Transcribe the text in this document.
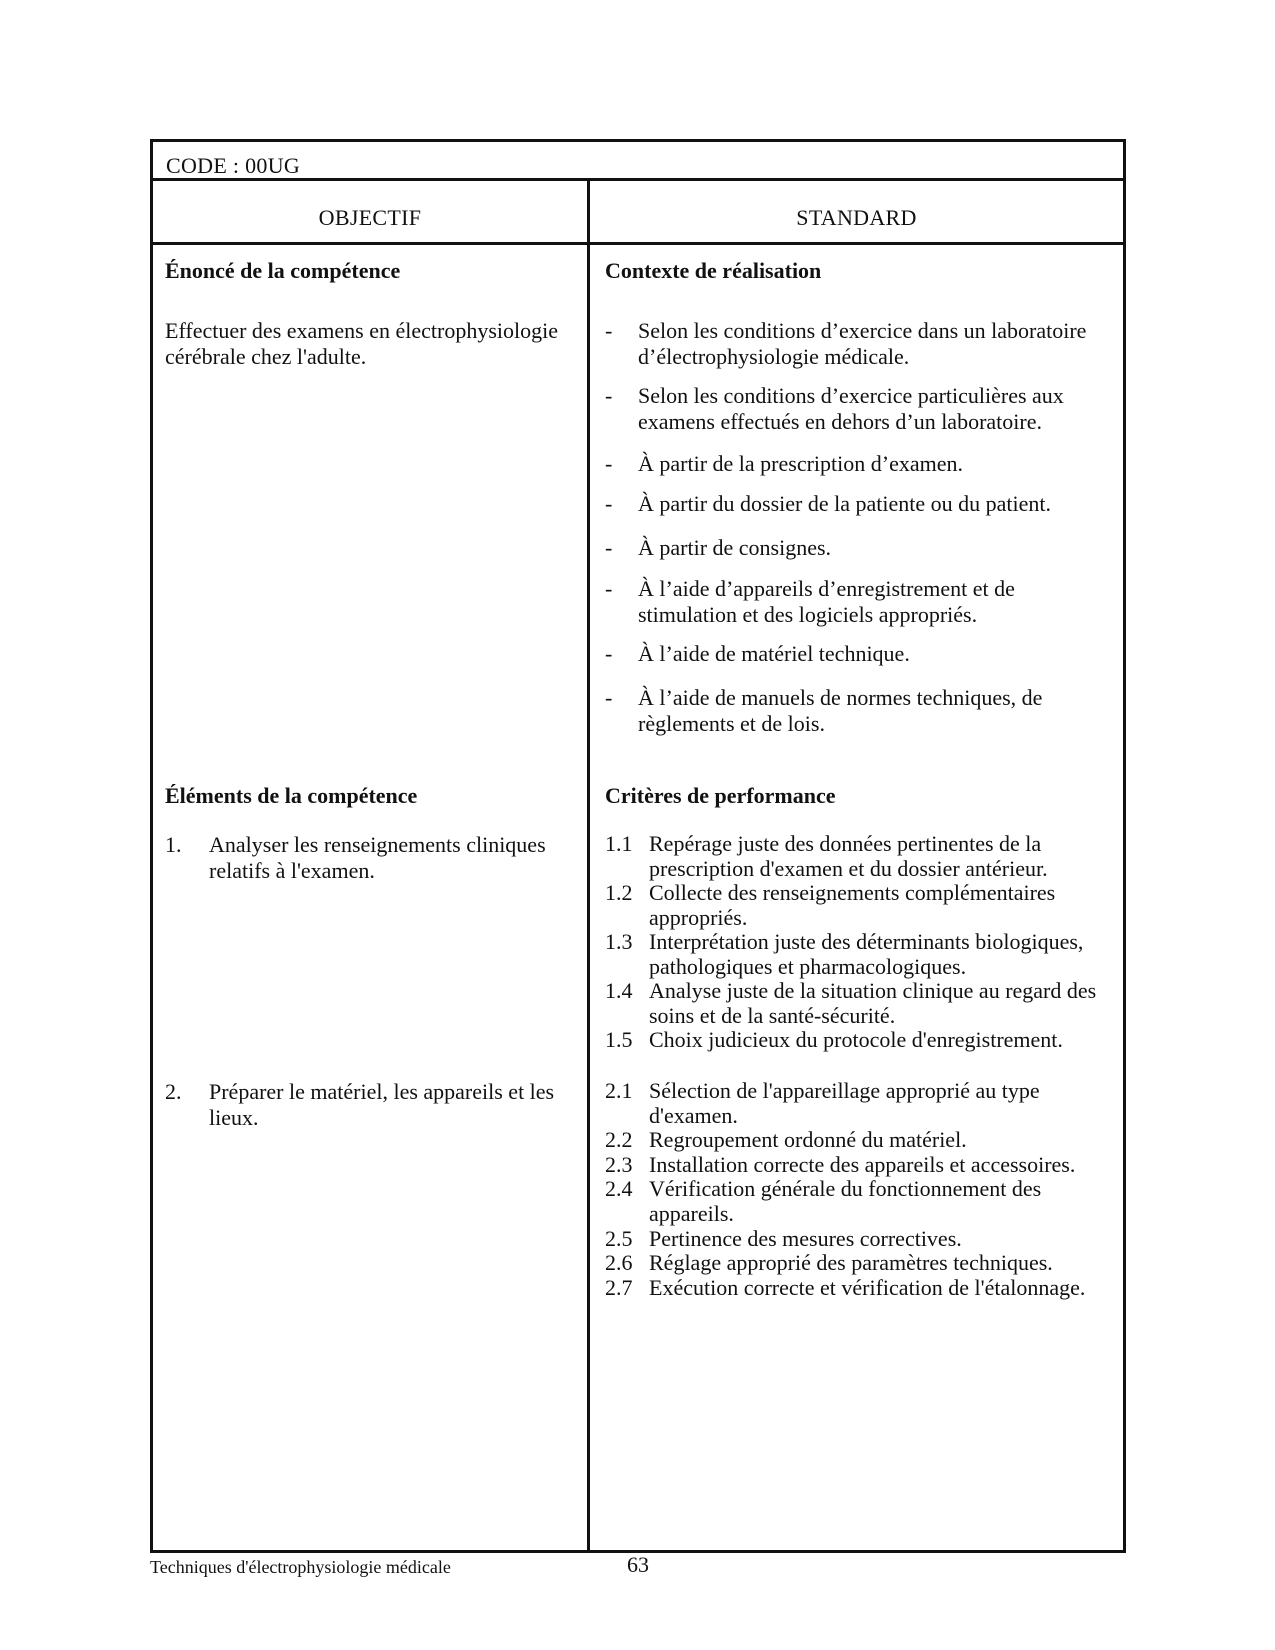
CODE : 00UG
OBJECTIF	STANDARD
Énoncé de la compétence
Effectuer des examens en électrophysiologie cérébrale chez l'adulte.
Contexte de réalisation
- Selon les conditions d’exercice dans un laboratoire d’électrophysiologie médicale.
- Selon les conditions d’exercice particulières aux examens effectués en dehors d’un laboratoire.
- À partir de la prescription d’examen.
- À partir du dossier de la patiente ou du patient.
- À partir de consignes.
- À l’aide d’appareils d’enregistrement et de stimulation et des logiciels appropriés.
- À l’aide de matériel technique.
- À l’aide de manuels de normes techniques, de règlements et de lois.
Éléments de la compétence
1. Analyser les renseignements cliniques relatifs à l'examen.
2. Préparer le matériel, les appareils et les lieux.
Critères de performance
1.1 Repérage juste des données pertinentes de la prescription d'examen et du dossier antérieur.
1.2 Collecte des renseignements complémentaires appropriés.
1.3 Interprétation juste des déterminants biologiques, pathologiques et pharmacologiques.
1.4 Analyse juste de la situation clinique au regard des soins et de la santé-sécurité.
1.5 Choix judicieux du protocole d'enregistrement.
2.1 Sélection de l'appareillage approprié au type d'examen.
2.2 Regroupement ordonné du matériel.
2.3 Installation correcte des appareils et accessoires.
2.4 Vérification générale du fonctionnement des appareils.
2.5 Pertinence des mesures correctives.
2.6 Réglage approprié des paramètres techniques.
2.7 Exécution correcte et vérification de l'étalonnage.
Techniques d'électrophysiologie médicale	63
